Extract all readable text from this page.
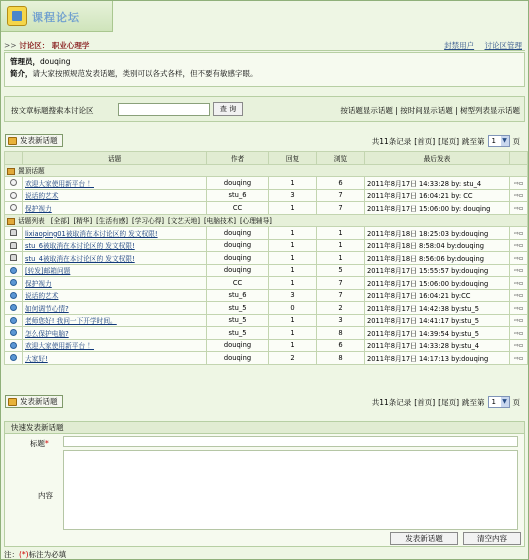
课程论坛
>> 讨论区： 职业心理学	封禁用户 讨论区管理
管理员，douqing
简介，请大家按照规范发表话题，类别可以各式各样，但不要有敏感字眼。
按文章标题搜索本讨论区	查 询	按话题显示话题 | 按时间显示话题 | 树型列表显示话题
发表新话题	共11条记录 [首页] [尾页] 跳至第	1 ▼ 页
	话题	作者	回复	浏览	最后发表	
置顶话题						
	欢迎大家使用新平台 ！	douqing	1	6	2011年8月17日 14:33:28 by: stu_4	⇨▫
	说话的艺术	stu_6	3	7	2011年8月17日 16:04:21 by: CC	⇨▫
	保护视力	CC	1	7	2011年8月17日 15:06:00 by: douqing	⇨▫
话题列表 [全部] [精华] [生活有感] [学习心得] [文艺天地] [电脑技术] [心理辅导]						
	lixiaoping01被取消在本讨论区的 发文权限!	douqing	1	1	2011年8月18日 18:25:03 by:douqing	⇨▫
	stu_6被取消在本讨论区的 发文权限!	douqing	1	1	2011年8月18日 8:58:04 by:douqing	⇨▫
	stu_4被取消在本讨论区的 发文权限!	douqing	1	1	2011年8月18日 8:56:06 by:douqing	⇨▫
	[转发]邮箱问题	douqing	1	5	2011年8月17日 15:55:57 by:douqing	⇨▫
	保护视力	CC	1	7	2011年8月17日 15:06:00 by:douqing	⇨▫
	说话的艺术	stu_6	3	7	2011年8月17日 16:04:21 by:CC	⇨▫
	如何调节心情?	stu_5	0	2	2011年8月17日 14:42:38 by:stu_5	⇨▫
	老师您好! 我问一下开学时间。	stu_5	1	3	2011年8月17日 14:41:17 by:stu_5	⇨▫
	怎么保护电脑?	stu_5	1	8	2011年8月17日 14:39:54 by:stu_5	⇨▫
	欢迎大家使用新平台 ！	douqing	1	6	2011年8月17日 14:33:28 by:stu_4	⇨▫
	大家好!	douqing	2	8	2011年8月17日 14:17:13 by:douqing	⇨▫
发表新话题	共11条记录 [首页] [尾页] 跳至第	1 ▼ 页
快速发表新话题
标题*
内容
发表新话题	清空内容
注：(*)标注为必填
